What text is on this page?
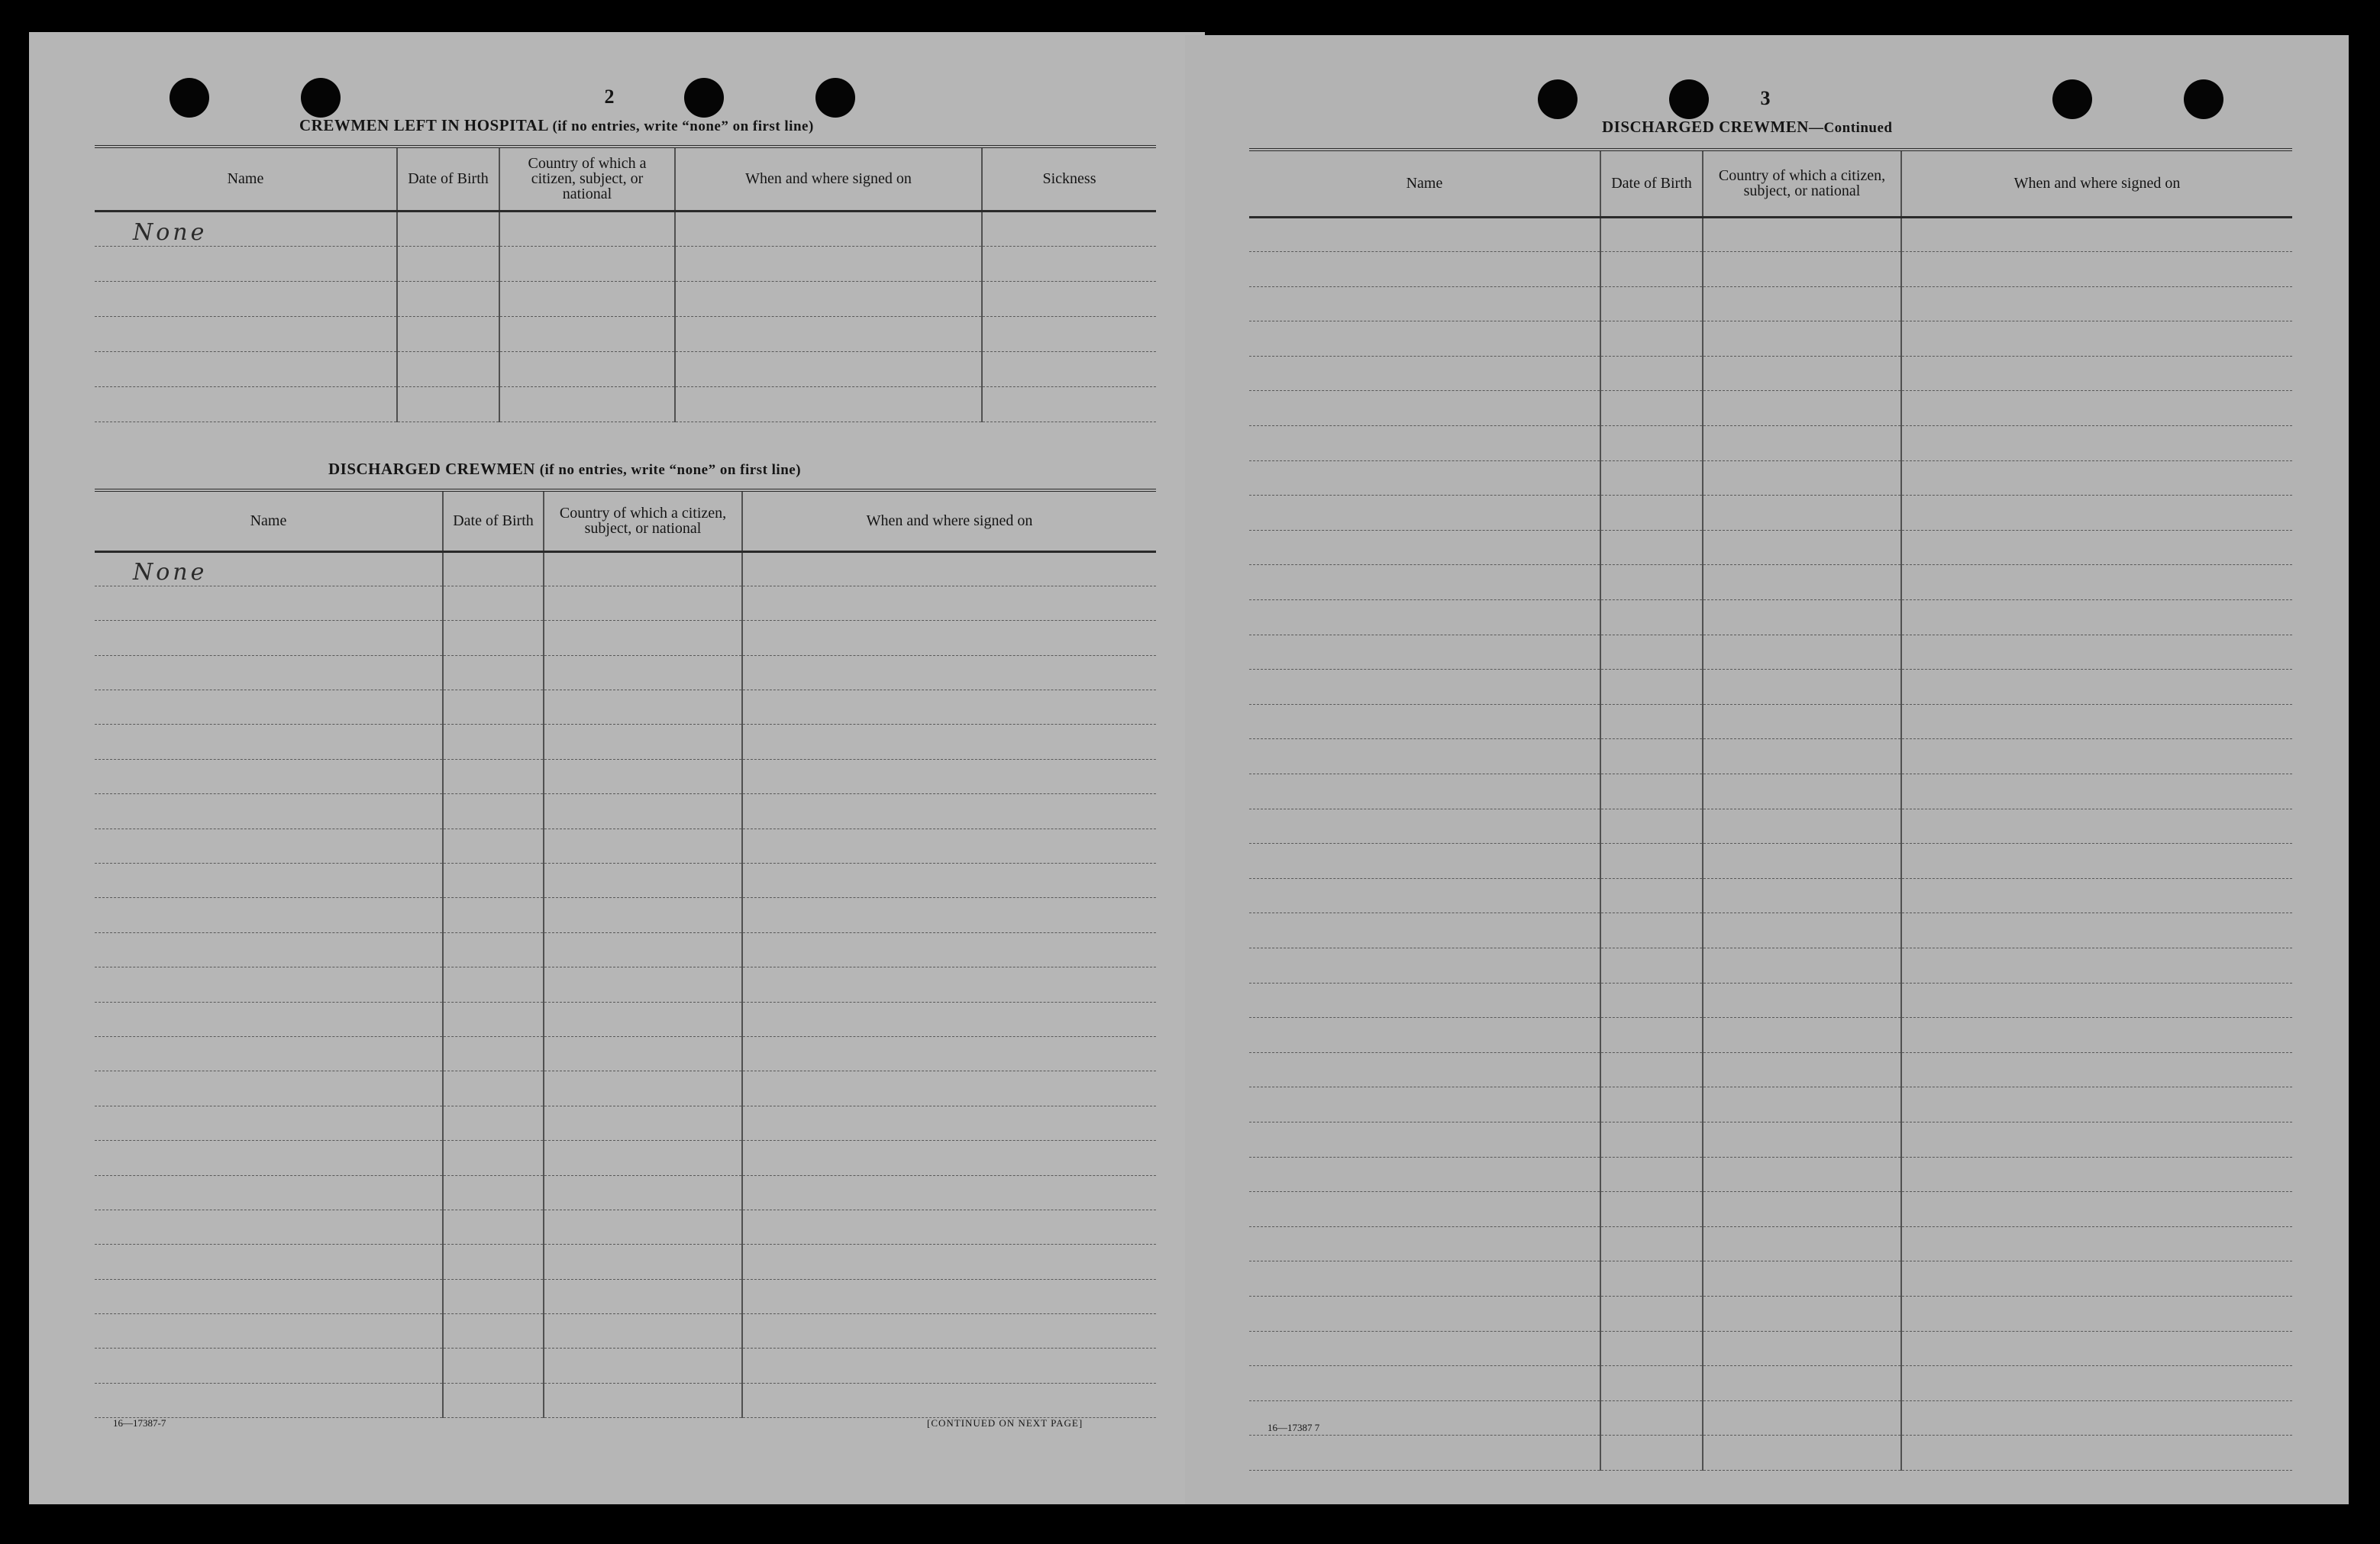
2
CREWMEN LEFT IN HOSPITAL (if no entries, write “none” on first line)
Name	Date of Birth	Country of which a citizen, subject, or national	When and where signed on	Sickness
None				

DISCHARGED CREWMEN (if no entries, write “none” on first line)
Name	Date of Birth	Country of which a citizen, subject, or national	When and where signed on
None			

16—17387-7	[CONTINUED ON NEXT PAGE]
3
DISCHARGED CREWMEN—Continued
Name	Date of Birth	Country of which a citizen, subject, or national	When and where signed on

16—17387 7
